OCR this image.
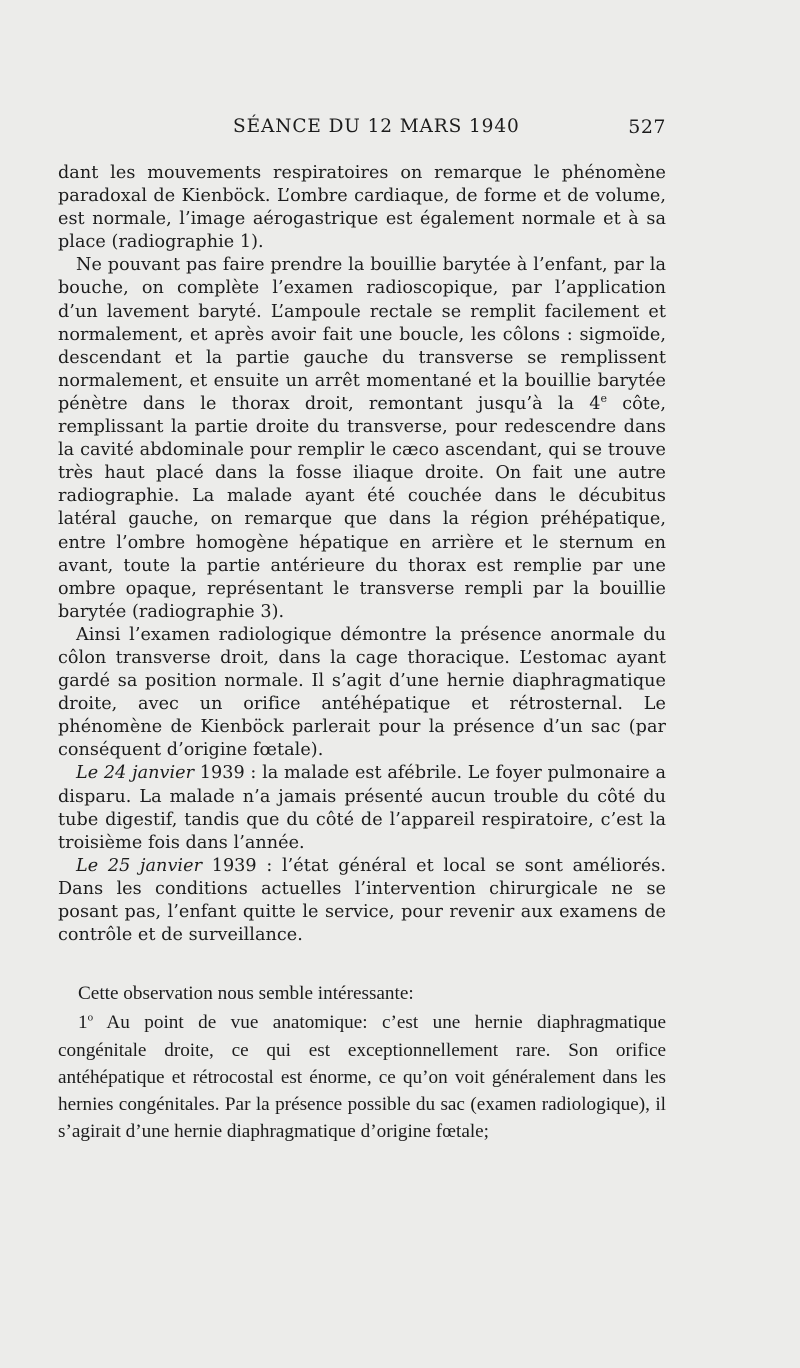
SÉANCE DU 12 MARS 1940	527

dant les mouvements respiratoires on remarque le phénomène paradoxal de Kienböck. L’ombre cardiaque, de forme et de volume, est normale, l’image aérogastrique est également normale et à sa place (radiographie 1).

Ne pouvant pas faire prendre la bouillie barytée à l’enfant, par la bouche, on complète l’examen radioscopique, par l’application d’un lavement baryté. L’ampoule rectale se remplit facilement et normalement, et après avoir fait une boucle, les côlons : sigmoïde, descendant et la partie gauche du transverse se remplissent normalement, et ensuite un arrêt momentané et la bouillie barytée pénètre dans le thorax droit, remontant jusqu’à la 4e côte, remplissant la partie droite du transverse, pour redescendre dans la cavité abdominale pour remplir le cæco ascendant, qui se trouve très haut placé dans la fosse iliaque droite. On fait une autre radiographie. La malade ayant été couchée dans le décubitus latéral gauche, on remarque que dans la région préhépatique, entre l’ombre homogène hépatique en arrière et le sternum en avant, toute la partie antérieure du thorax est remplie par une ombre opaque, représentant le transverse rempli par la bouillie barytée (radiographie 3).

Ainsi l’examen radiologique démontre la présence anormale du côlon transverse droit, dans la cage thoracique. L’estomac ayant gardé sa position normale. Il s’agit d’une hernie diaphragmatique droite, avec un orifice antéhépatique et rétrosternal. Le phénomène de Kienböck parlerait pour la présence d’un sac (par conséquent d’origine fœtale).

Le 24 janvier 1939 : la malade est afébrile. Le foyer pulmonaire a disparu. La malade n’a jamais présenté aucun trouble du côté du tube digestif, tandis que du côté de l’appareil respiratoire, c’est la troisième fois dans l’année.

Le 25 janvier 1939 : l’état général et local se sont améliorés. Dans les conditions actuelles l’intervention chirurgicale ne se posant pas, l’enfant quitte le service, pour revenir aux examens de contrôle et de surveillance.

Cette observation nous semble intéressante:

1$^o$ Au point de vue anatomique: c’est une hernie diaphragmatique congénitale droite, ce qui est exceptionnellement rare. Son orifice antéhépatique et rétrocostal est énorme, ce qu’on voit généralement dans les hernies congénitales. Par la présence possible du sac (examen radiologique), il s’agirait d’une hernie diaphragmatique d’origine fœtale;
